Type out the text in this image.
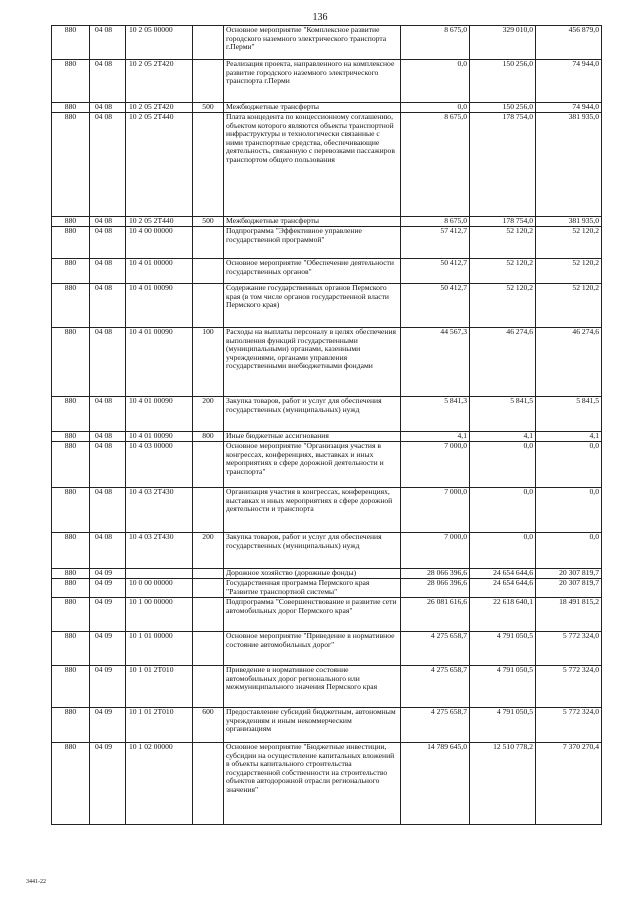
136
880	04 08	10 2 05 00000		Основное мероприятие "Комплексное развитие городского наземного электрического транспорта г.Перми"	8 675,0	329 010,0	456 879,0
880	04 08	10 2 05 2Т420		Реализация проекта, направленного на комплексное развитие городского наземного электрического транспорта г.Перми	0,0	150 256,0	74 944,0
880	04 08	10 2 05 2Т420	500	Межбюджетные трансферты	0,0	150 256,0	74 944,0
880	04 08	10 2 05 2Т440		Плата концедента по концессионному соглашению, объектом которого являются объекты транспортной инфраструктуры и технологически связанные с ними транспортные средства, обеспечивающие деятельность, связанную с перевозками пассажиров транспортом общего пользования	8 675,0	178 754,0	381 935,0
880	04 08	10 2 05 2Т440	500	Межбюджетные трансферты	8 675,0	178 754,0	381 935,0
880	04 08	10 4 00 00000		Подпрограмма "Эффективное управление государственной программой"	57 412,7	52 120,2	52 120,2
880	04 08	10 4 01 00000		Основное мероприятие "Обеспечение деятельности государственных органов"	50 412,7	52 120,2	52 120,2
880	04 08	10 4 01 00090		Содержание государственных органов Пермского края (в том числе органов государственной власти Пермского края)	50 412,7	52 120,2	52 120,2
880	04 08	10 4 01 00090	100	Расходы на выплаты персоналу в целях обеспечения выполнения функций государственными (муниципальными) органами, казенными учреждениями, органами управления государственными внебюджетными фондами	44 567,3	46 274,6	46 274,6
880	04 08	10 4 01 00090	200	Закупка товаров, работ и услуг для обеспечения государственных (муниципальных) нужд	5 841,3	5 841,5	5 841,5
880	04 08	10 4 01 00090	800	Иные бюджетные ассигнования	4,1	4,1	4,1
880	04 08	10 4 03 00000		Основное мероприятие "Организация участия в конгрессах, конференциях, выставках и иных мероприятиях в сфере дорожной деятельности и транспорта"	7 000,0	0,0	0,0
880	04 08	10 4 03 2Т430		Организация участия в конгрессах, конференциях, выставках и иных мероприятиях в сфере дорожной деятельности и транспорта	7 000,0	0,0	0,0
880	04 08	10 4 03 2Т430	200	Закупка товаров, работ и услуг для обеспечения государственных (муниципальных) нужд	7 000,0	0,0	0,0
880	04 09			Дорожное хозяйство (дорожные фонды)	28 066 396,6	24 654 644,6	20 307 819,7
880	04 09	10 0 00 00000		Государственная программа Пермского края "Развитие транспортной системы"	28 066 396,6	24 654 644,6	20 307 819,7
880	04 09	10 1 00 00000		Подпрограмма "Совершенствование и развитие сети автомобильных дорог Пермского края"	26 081 616,6	22 618 640,1	18 491 815,2
880	04 09	10 1 01 00000		Основное мероприятие "Приведение в нормативное состояние автомобильных дорог"	4 275 658,7	4 791 050,5	5 772 324,0
880	04 09	10 1 01 2Т010		Приведение в нормативное состояние автомобильных дорог регионального или межмуниципального значения Пермского края	4 275 658,7	4 791 050,5	5 772 324,0
880	04 09	10 1 01 2Т010	600	Предоставление субсидий бюджетным, автономным учреждениям и иным некоммерческим организациям	4 275 658,7	4 791 050,5	5 772 324,0
880	04 09	10 1 02 00000		Основное мероприятие "Бюджетные инвестиции, субсидии на осуществление капитальных вложений в объекты капитального строительства государственной собственности на строительство объектов автодорожной отрасли регионального значения"	14 789 645,0	12 510 778,2	7 370 270,4
3441-22
